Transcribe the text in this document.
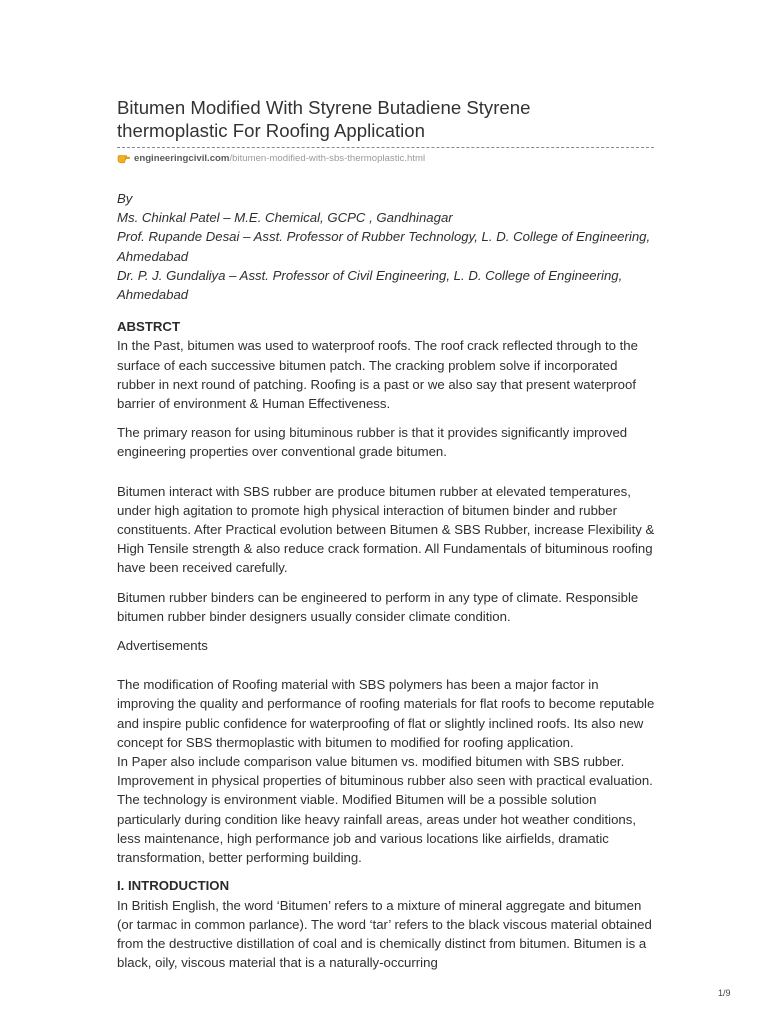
Bitumen Modified With Styrene Butadiene Styrene
thermoplastic For Roofing Application
engineeringcivil.com /bitumen-modified-with-sbs-thermoplastic.html
By
Ms. Chinkal Patel – M.E. Chemical, GCPC , Gandhinagar
Prof. Rupande Desai – Asst. Professor of Rubber Technology, L. D. College of Engineering,
Ahmedabad
Dr. P. J. Gundaliya – Asst. Professor of Civil Engineering, L. D. College of Engineering,
Ahmedabad
ABSTRCT

In the Past, bitumen was used to waterproof roofs. The roof crack reflected through to the surface of each successive bitumen patch. The cracking problem solve if incorporated rubber in next round of patching. Roofing is a past or we also say that present waterproof barrier of environment & Human Effectiveness.

The primary reason for using bituminous rubber is that it provides significantly improved engineering properties over conventional grade bitumen.

Bitumen interact with SBS rubber are produce bitumen rubber at elevated temperatures, under high agitation to promote high physical interaction of bitumen binder and rubber constituents. After Practical evolution between Bitumen & SBS Rubber, increase Flexibility & High Tensile strength & also reduce crack formation. All Fundamentals of bituminous roofing have been received carefully.

Bitumen rubber binders can be engineered to perform in any type of climate. Responsible bitumen rubber binder designers usually consider climate condition.

Advertisements

The modification of Roofing material with SBS polymers has been a major factor in improving the quality and performance of roofing materials for flat roofs to become reputable and inspire public confidence for waterproofing of flat or slightly inclined roofs. Its also new concept for SBS thermoplastic with bitumen to modified for roofing application.

In Paper also include comparison value bitumen vs. modified bitumen with SBS rubber. Improvement in physical properties of bituminous rubber also seen with practical evaluation. The technology is environment viable. Modified Bitumen will be a possible solution particularly during condition like heavy rainfall areas, areas under hot weather conditions, less maintenance, high performance job and various locations like airfields, dramatic transformation, better performing building.

I. INTRODUCTION

In British English, the word ‘Bitumen’ refers to a mixture of mineral aggregate and bitumen (or tarmac in common parlance). The word ‘tar’ refers to the black viscous material obtained from the destructive distillation of coal and is chemically distinct from bitumen. Bitumen is a black, oily, viscous material that is a naturally-occurring

1/9
